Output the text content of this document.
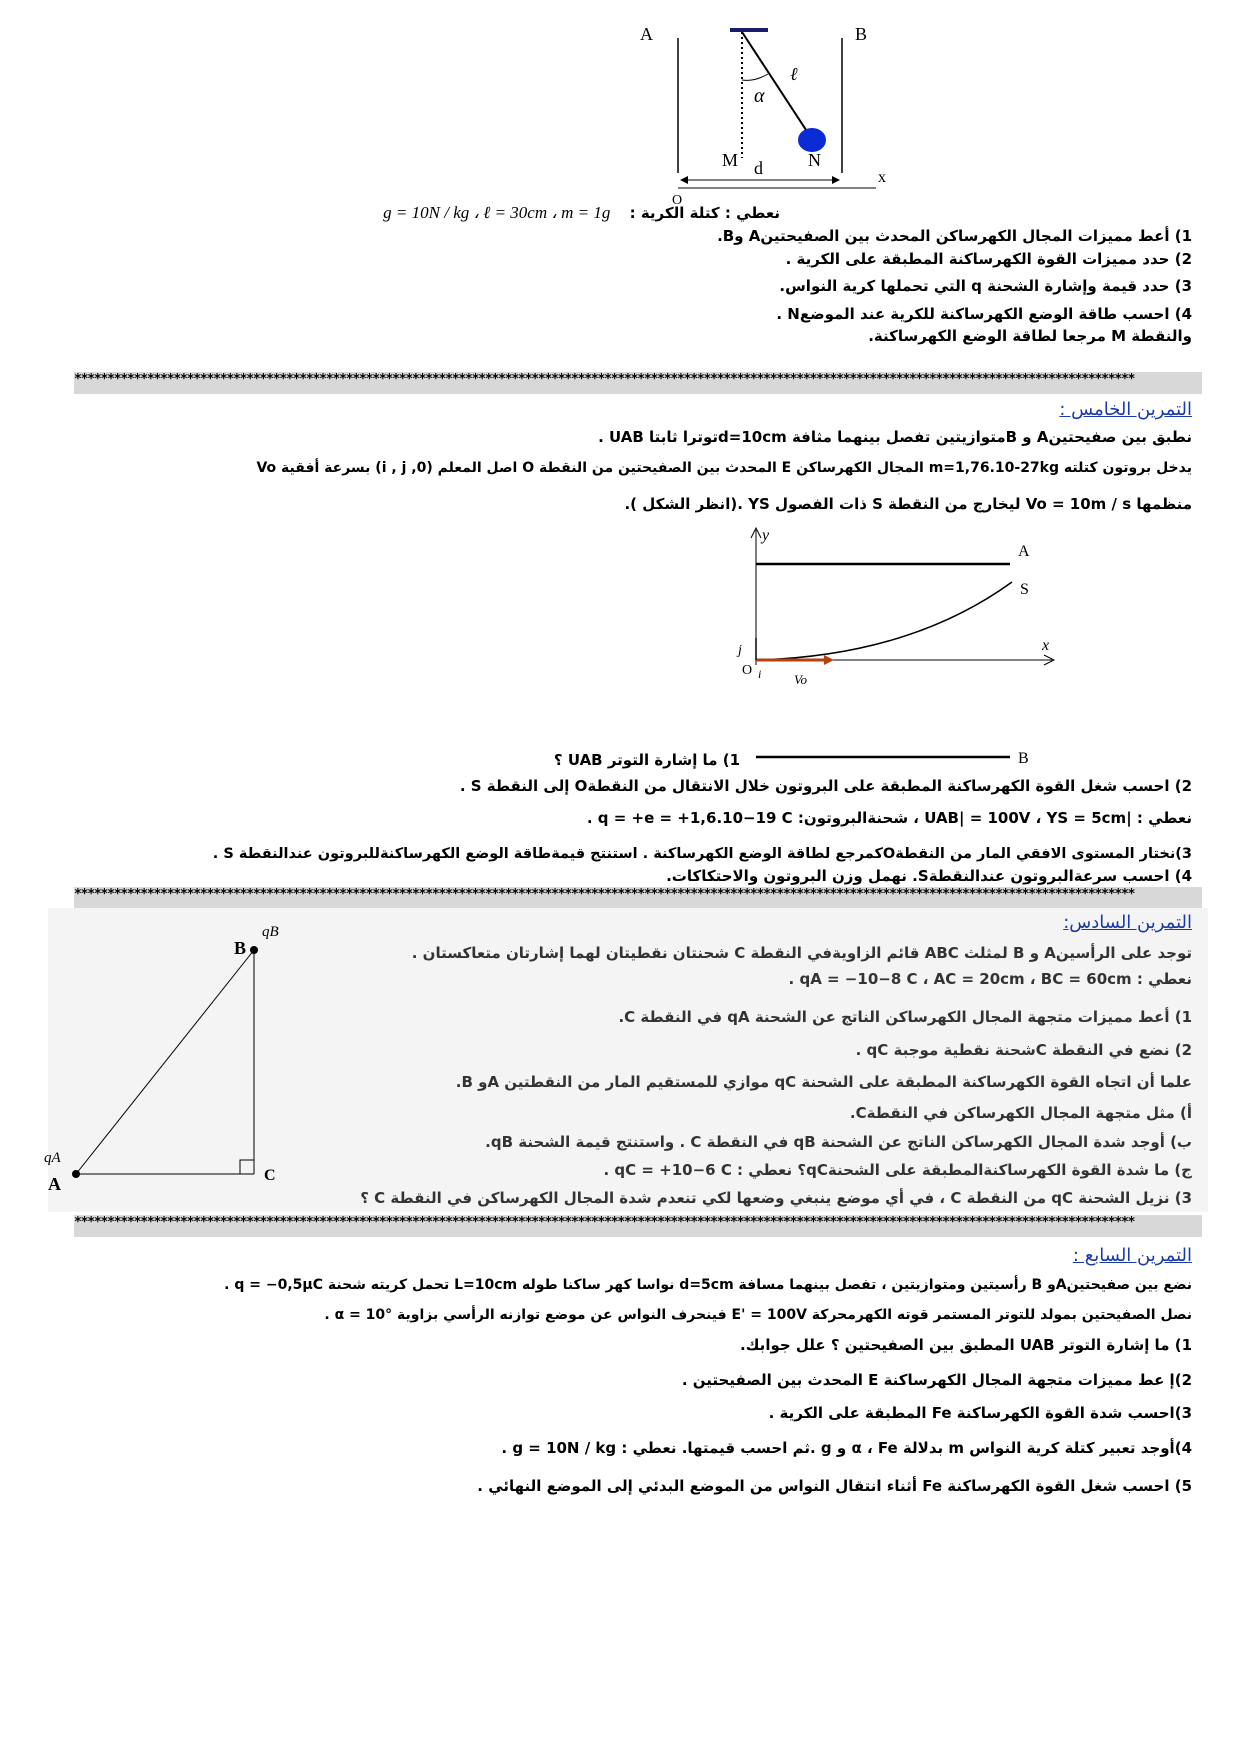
A	B
α
ℓ
M d	N
x
O
نعطي : كتلة الكرية : g = 10N / kg ، ℓ = 30cm ، m = 1g
1) أعط مميزات المجال الكهرساكن المحدث بين الصفيحتينA وB.
2) حدد مميزات القوة الكهرساكنة المطبقة على الكرية .
3) حدد قيمة وإشارة الشحنة q التي تحملها كرية النواس.
4) احسب طاقة الوضع الكهرساكنة للكرية عند الموضعN .
والنقطة M مرجعا لطاقة الوضع الكهرساكنة.
****************************************************************************************************************************************************************
التمرين الخامس :
نطبق بين صفيحتينA و Bمتوازيتين تفصل بينهما مثافة d=10cmتوترا ثابتا UAB .
يدخل بروتون كتلته m=1,76.10-27kg المجال الكهرساكن E المحدث بين الصفيحتين من النقطة O اصل المعلم (0, i , j) بسرعة أفقية Vo
منظمها Vo = 10m / s ليخارج من النقطة S ذات الفصول YS .(انظر الشكل ).
y
A
S
x
j
O i	Vo
B
1) ما إشارة التوتر UAB ؟
2) احسب شغل القوة الكهرساكنة المطبقة على البروتون خلال الانتقال من النقطةO إلى النقطة S .
نعطي : |UAB| = 100V ، YS = 5cm ، شحنةالبروتون: q = +e = +1,6.10−19 C .
3)نختار المستوى الافقي المار من النقطةOكمرجع لطاقة الوضع الكهرساكنة . استنتج قيمةطاقة الوضع الكهرساكنةللبروتون عندالنقطة S .
4) احسب سرعةالبروتون عندالنقطةS. نهمل وزن البروتون والاحتكاكات.
****************************************************************************************************************************************************************
B
qB
qA
A	C
التمرين السادس:
توجد على الرأسينA و B لمثلث ABC قائم الزاويةفي النقطة C شحنتان نقطيتان لهما إشارتان متعاكستان .
نعطي : qA = −10−8 C ، AC = 20cm ، BC = 60cm .
1) أعط مميزات متجهة المجال الكهرساكن الناتج عن الشحنة qA في النقطة C.
2) نضع في النقطة Cشحنة نقطية موجبة qC .
علما أن اتجاه القوة الكهرساكنة المطبقة على الشحنة qC موازي للمستقيم المار من النقطتين Aو B.
أ) مثل متجهة المجال الكهرساكن في النقطةC.
ب) أوجد شدة المجال الكهرساكن الناتج عن الشحنة qB في النقطة C . واستنتج قيمة الشحنة qB.
ج) ما شدة القوة الكهرساكنةالمطبقة على الشحنةqC؟ نعطي : qC = +10−6 C .
3) نزيل الشحنة qC من النقطة C ، في أي موضع ينبغي وضعها لكي تنعدم شدة المجال الكهرساكن في النقطة C ؟
****************************************************************************************************************************************************************
التمرين السابع :
نضع بين صفيحتينAو B رأسيتين ومتوازيتين ، تفصل بينهما مسافة d=5cm نواسا كهر ساكنا طوله L=10cm تحمل كريته شحنة q = −0,5μC .
نصل الصفيحتين بمولد للتوتر المستمر قوته الكهرمحركة E' = 100V فينحرف النواس عن موضع توازنه الرأسي بزاوية α = 10° .
1) ما إشارة التوتر UAB المطبق بين الصفيحتين ؟ علل جوابك.
2)إ عط مميزات متجهة المجال الكهرساكنة E المحدث بين الصفيحتين .
3)احسب شدة القوة الكهرساكنة Fe المطبقة على الكرية .
4)أوجد تعبير كتلة كرية النواس m بدلالة α ، Fe و g .ثم احسب قيمتها. نعطي : g = 10N / kg .
5) احسب شغل القوة الكهرساكنة Fe أثناء انتقال النواس من الموضع البدئي إلى الموضع النهائي .
